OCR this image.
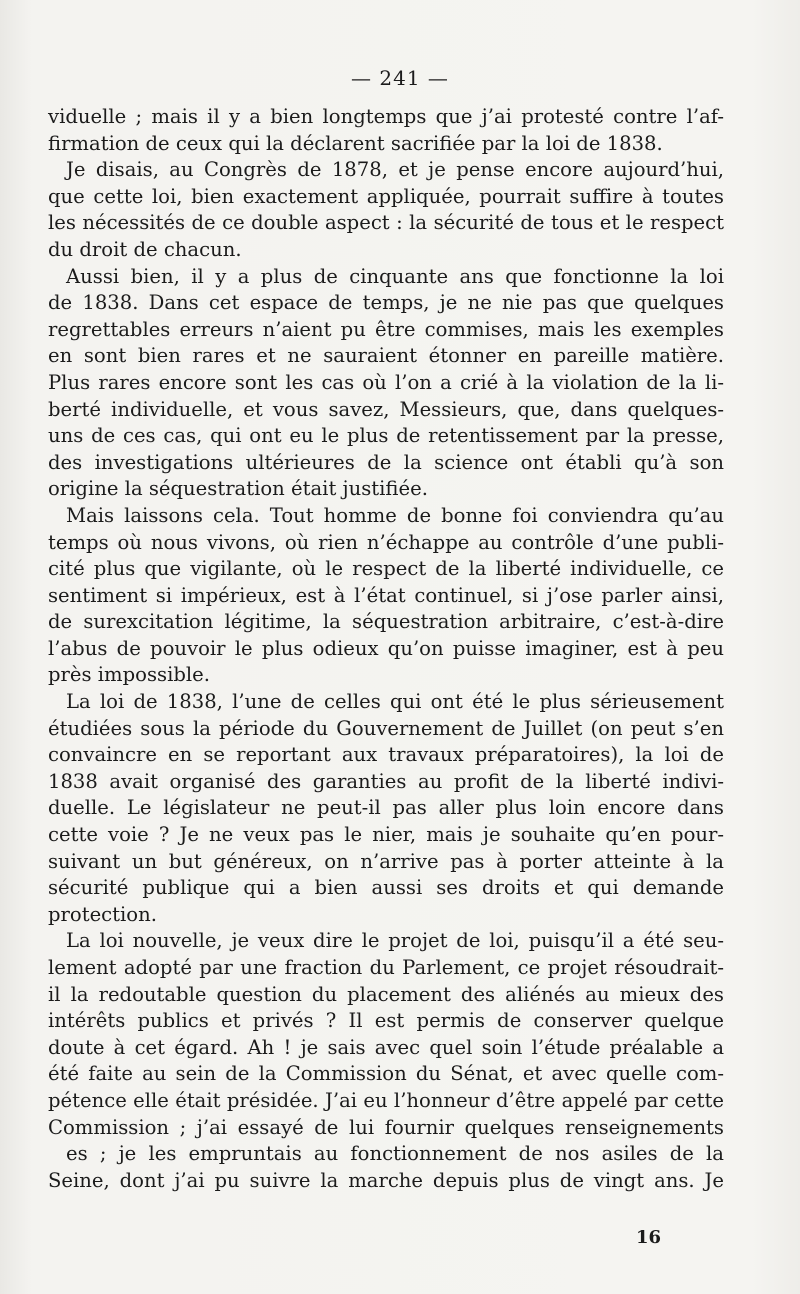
— 241 —
viduelle ; mais il y a bien longtemps que j’ai protesté contre l’af-
firmation de ceux qui la déclarent sacrifiée par la loi de 1838.
Je disais, au Congrès de 1878, et je pense encore aujourd’hui,
que cette loi, bien exactement appliquée, pourrait suffire à toutes
les nécessités de ce double aspect : la sécurité de tous et le respect
du droit de chacun.
Aussi bien, il y a plus de cinquante ans que fonctionne la loi
de 1838. Dans cet espace de temps, je ne nie pas que quelques
regrettables erreurs n’aient pu être commises, mais les exemples
en sont bien rares et ne sauraient étonner en pareille matière.
Plus rares encore sont les cas où l’on a crié à la violation de la li-
berté individuelle, et vous savez, Messieurs, que, dans quelques-
uns de ces cas, qui ont eu le plus de retentissement par la presse,
des investigations ultérieures de la science ont établi qu’à son
origine la séquestration était justifiée.
Mais laissons cela. Tout homme de bonne foi conviendra qu’au
temps où nous vivons, où rien n’échappe au contrôle d’une publi-
cité plus que vigilante, où le respect de la liberté individuelle, ce
sentiment si impérieux, est à l’état continuel, si j’ose parler ainsi,
de surexcitation légitime, la séquestration arbitraire, c’est-à-dire
l’abus de pouvoir le plus odieux qu’on puisse imaginer, est à peu
près impossible.
La loi de 1838, l’une de celles qui ont été le plus sérieusement
étudiées sous la période du Gouvernement de Juillet (on peut s’en
convaincre en se reportant aux travaux préparatoires), la loi de
1838 avait organisé des garanties au profit de la liberté indivi-
duelle. Le législateur ne peut-il pas aller plus loin encore dans
cette voie ? Je ne veux pas le nier, mais je souhaite qu’en pour-
suivant un but généreux, on n’arrive pas à porter atteinte à la
sécurité publique qui a bien aussi ses droits et qui demande
protection.
La loi nouvelle, je veux dire le projet de loi, puisqu’il a été seu-
lement adopté par une fraction du Parlement, ce projet résoudrait-
il la redoutable question du placement des aliénés au mieux des
intérêts publics et privés ? Il est permis de conserver quelque
doute à cet égard. Ah ! je sais avec quel soin l’étude préalable a
été faite au sein de la Commission du Sénat, et avec quelle com-
pétence elle était présidée. J’ai eu l’honneur d’être appelé par cette
Commission ; j’ai essayé de lui fournir quelques renseignements
es ; je les empruntais au fonctionnement de nos asiles de la
Seine, dont j’ai pu suivre la marche depuis plus de vingt ans. Je
16
